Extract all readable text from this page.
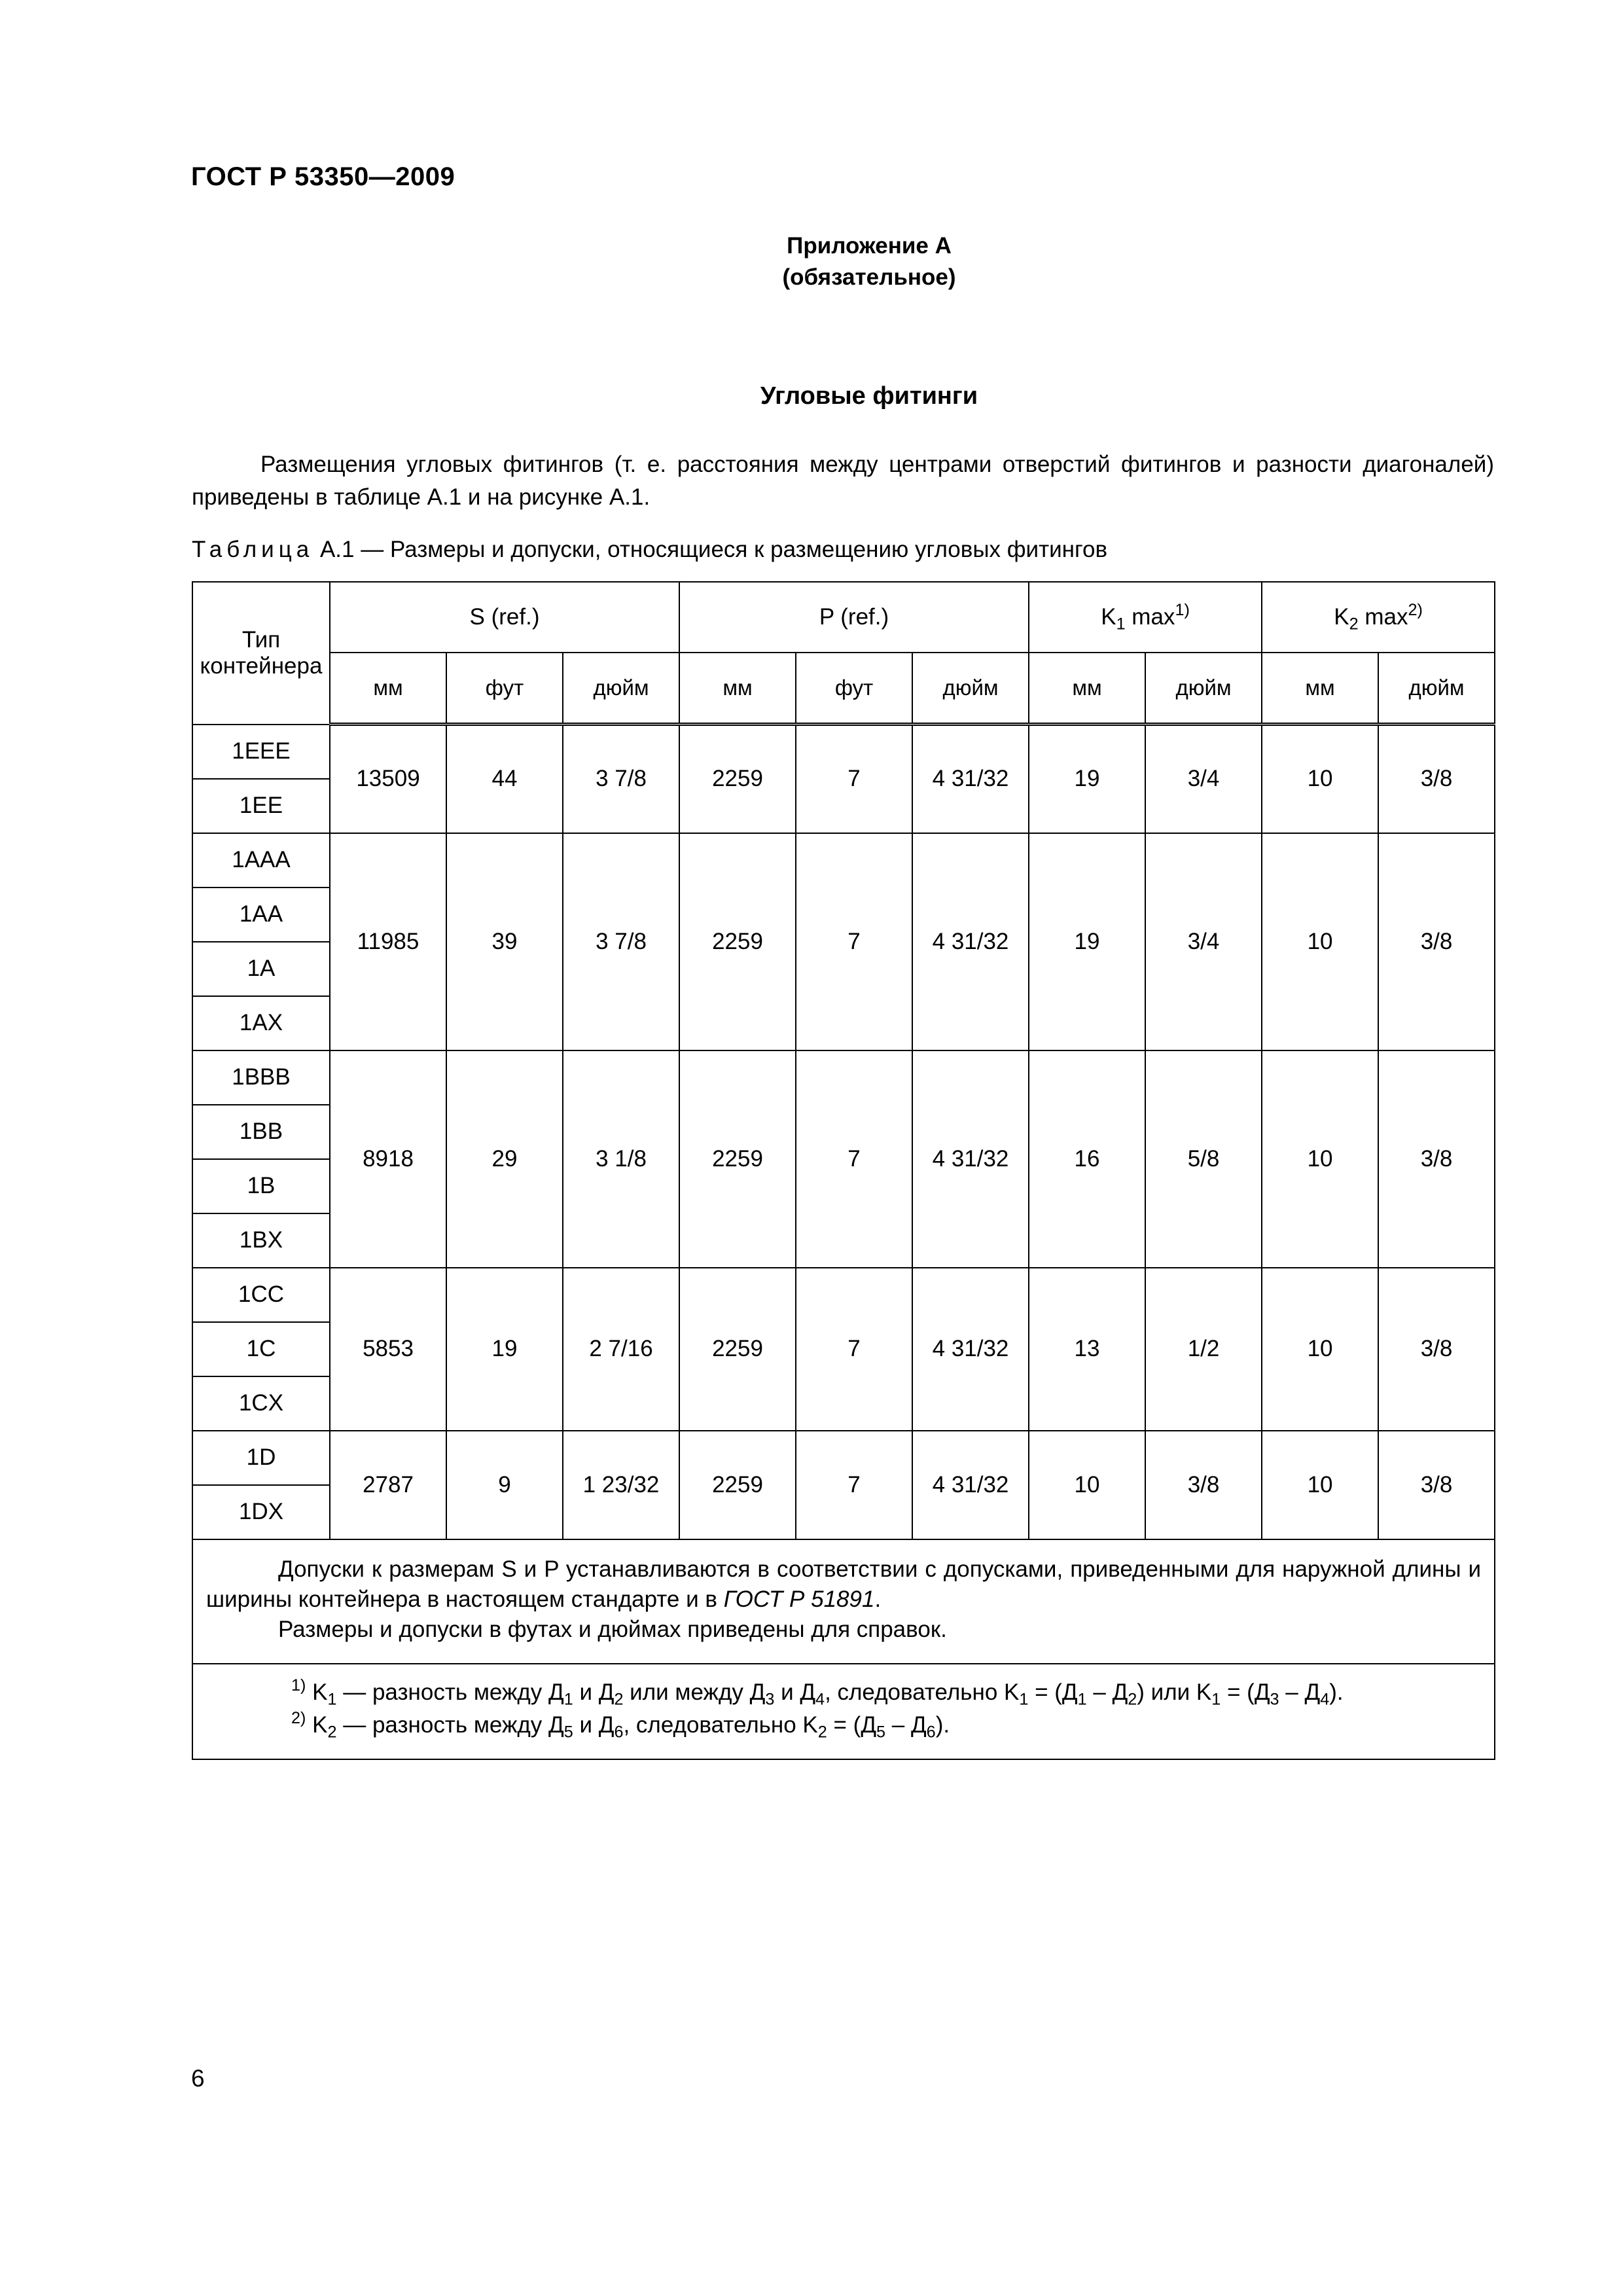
ГОСТ Р 53350—2009
Приложение А
(обязательное)
Угловые фитинги
Размещения угловых фитингов (т. е. расстояния между центрами отверстий фитингов и разности диагоналей) приведены в таблице А.1 и на рисунке А.1.
Таблица А.1 — Размеры и допуски, относящиеся к размещению угловых фитингов
Тип
контейнера	S (ref.)			P (ref.)			$K_1$ $\max^{1)}$		$K_2$ $\max^{2)}$
	мм	фут	дюйм	мм	фут	дюйм	мм	дюйм	мм	дюйм
1EEE	13509	44	3 7/8	2259	7	4 31/32	19	3/4	10	3/8
1EE										
1AAA	11985	39	3 7/8	2259	7	4 31/32	19	3/4	10	3/8
1AA										
1A										
1AX										
1BBB	8918	29	3 1/8	2259	7	4 31/32	16	5/8	10	3/8
1BB										
1B										
1BX										
1CC	5853	19	2 7/16	2259	7	4 31/32	13	1/2	10	3/8
1C										
1CX										
1D	2787	9	1 23/32	2259	7	4 31/32	10	3/8	10	3/8
1DX										

Допуски к размерам S и P устанавливаются в соответствии с допусками, приведенными для наружной длины и ширины контейнера в настоящем стандарте и в ГОСТ Р 51891.

Размеры и допуски в футах и дюймах приведены для справок.										

$^{1)}$ $K_1$ — разность между $Д_1$ и $Д_2$ или между $Д_3$ и $Д_4$, следовательно $K_1 = (Д_1 - Д_2)$ или $K_1 = (Д_3 - Д_4)$.

$^{2)}$ $K_2$ — разность между $Д_5$ и $Д_6$, следовательно $K_2 = (Д_5 - Д_6)$.										

6
